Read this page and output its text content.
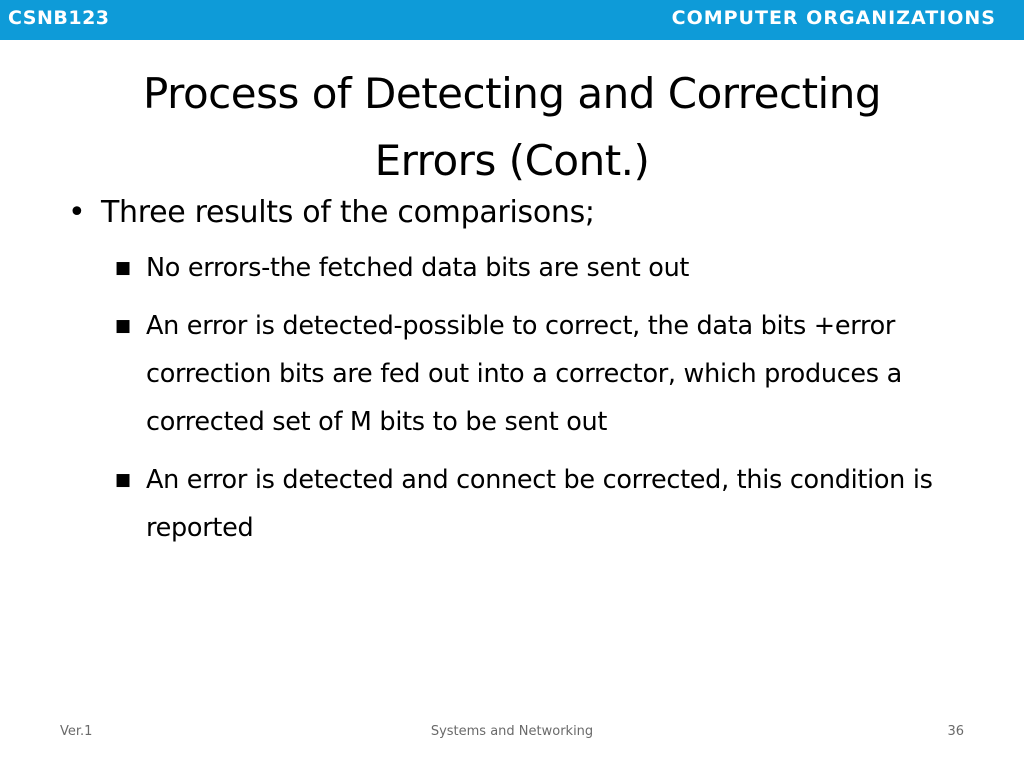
CSNB123	COMPUTER ORGANIZATIONS
Process of Detecting and Correcting
Errors (Cont.)
• Three results of the comparisons;
■ No errors-the fetched data bits are sent out
■ An error is detected-possible to correct, the data bits +error correction bits are fed out into a corrector, which produces a corrected set of M bits to be sent out
■ An error is detected and connect be corrected, this condition is reported
Ver.1	Systems and Networking	36
